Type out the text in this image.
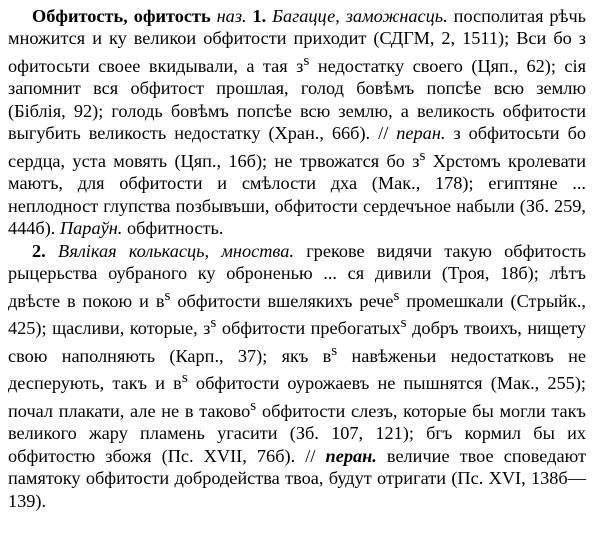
Обфитость, офитость наз. 1. Багацце, заможнасць. посполитая рѣчь множится и ку великои обфитости приходит (СДГМ, 2, 1511); Вси бо з офитосьти своее вкидывали, а тая $з^s$ недостатку своего (Цяп., 62); сія запомнит вся обфитост прошлая, голод бовѣмъ попсѣе всю землю (Біблія, 92); голодь бовѣмъ попсѣе всю землю, а великость обфитости выгубить великость недостатку (Хран., 66б). // перан. з обфитосьти бо сердца, уста мовять (Цяп., 16б); не трвожатся бо $з^s$ Хрстомъ кролевати маютъ, для обфитости и смѣлости дха (Мак., 178); египтяне ... неплодност глупства позбывъши, обфитости сердечъное набыли (Зб. 259, 444б). Параўн. обфитность.

2. Вялікая колькасць, мноства. грекове видячи такую обфитость рыцерьства оубраного ку оброненью ... ся дивили (Троя, 18б); лѣтъ двѣсте в покою и $в^s$ обфитости вшелякихъ рече$^s$ промешкали (Стрыйк., 425); щасливи, которые, $з^s$ обфитости пребогатых$^s$ добръ твоихъ, нищету свою наполняють (Карп., 37); якъ $в^s$ навѣженьи недостатковъ не десперують, такъ и $в^s$ обфитости оурожаевъ не пышнятся (Мак., 255); почал плакати, але не в таково$^s$ обфитости слезъ, которые бы могли такъ великого жару пламень угасити (Зб. 107, 121); бгъ кормил бы их обфитостю збожя (Пс. XVII, 76б). // перан. величие твое споведают памятоку обфитости добродейства твоа, будут отригати (Пс. XVI, 138б—139).
